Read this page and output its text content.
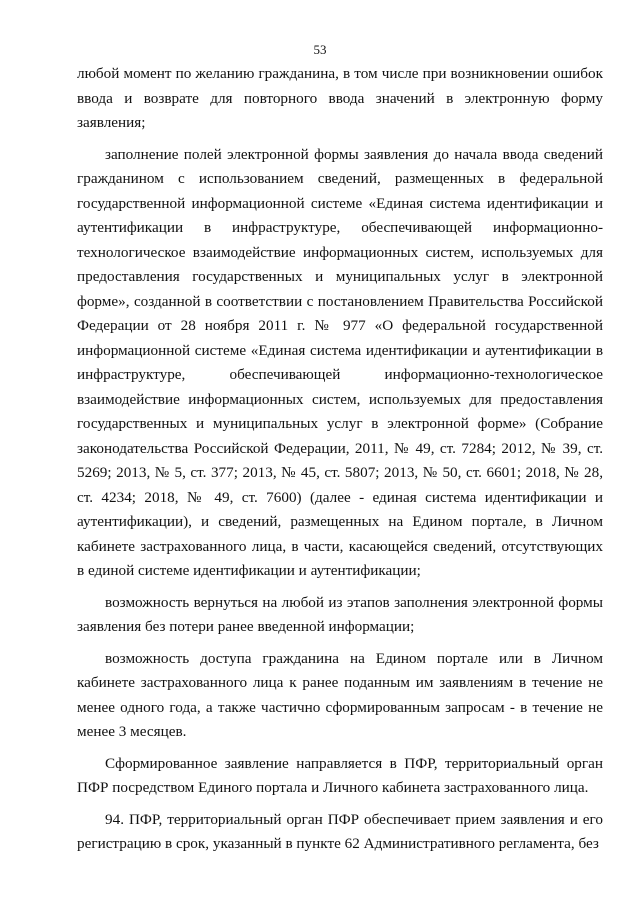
53

любой момент по желанию гражданина, в том числе при возникновении ошибок ввода и возврате для повторного ввода значений в электронную форму заявления;

заполнение полей электронной формы заявления до начала ввода сведений гражданином с использованием сведений, размещенных в федеральной государственной информационной системе «Единая система идентификации и аутентификации в инфраструктуре, обеспечивающей информационно-технологическое взаимодействие информационных систем, используемых для предоставления государственных и муниципальных услуг в электронной форме», созданной в соответствии с постановлением Правительства Российской Федерации от 28 ноября 2011 г. № 977 «О федеральной государственной информационной системе «Единая система идентификации и аутентификации в инфраструктуре, обеспечивающей информационно-технологическое взаимодействие информационных систем, используемых для предоставления государственных и муниципальных услуг в электронной форме» (Собрание законодательства Российской Федерации, 2011, № 49, ст. 7284; 2012, № 39, ст. 5269; 2013, № 5, ст. 377; 2013, № 45, ст. 5807; 2013, № 50, ст. 6601; 2018, № 28, ст. 4234; 2018, № 49, ст. 7600) (далее - единая система идентификации и аутентификации), и сведений, размещенных на Едином портале, в Личном кабинете застрахованного лица, в части, касающейся сведений, отсутствующих в единой системе идентификации и аутентификации;

возможность вернуться на любой из этапов заполнения электронной формы заявления без потери ранее введенной информации;

возможность доступа гражданина на Едином портале или в Личном кабинете застрахованного лица к ранее поданным им заявлениям в течение не менее одного года, а также частично сформированным запросам - в течение не менее 3 месяцев.

Сформированное заявление направляется в ПФР, территориальный орган ПФР посредством Единого портала и Личного кабинета застрахованного лица.

94. ПФР, территориальный орган ПФР обеспечивает прием заявления и его регистрацию в срок, указанный в пункте 62 Административного регламента, без
